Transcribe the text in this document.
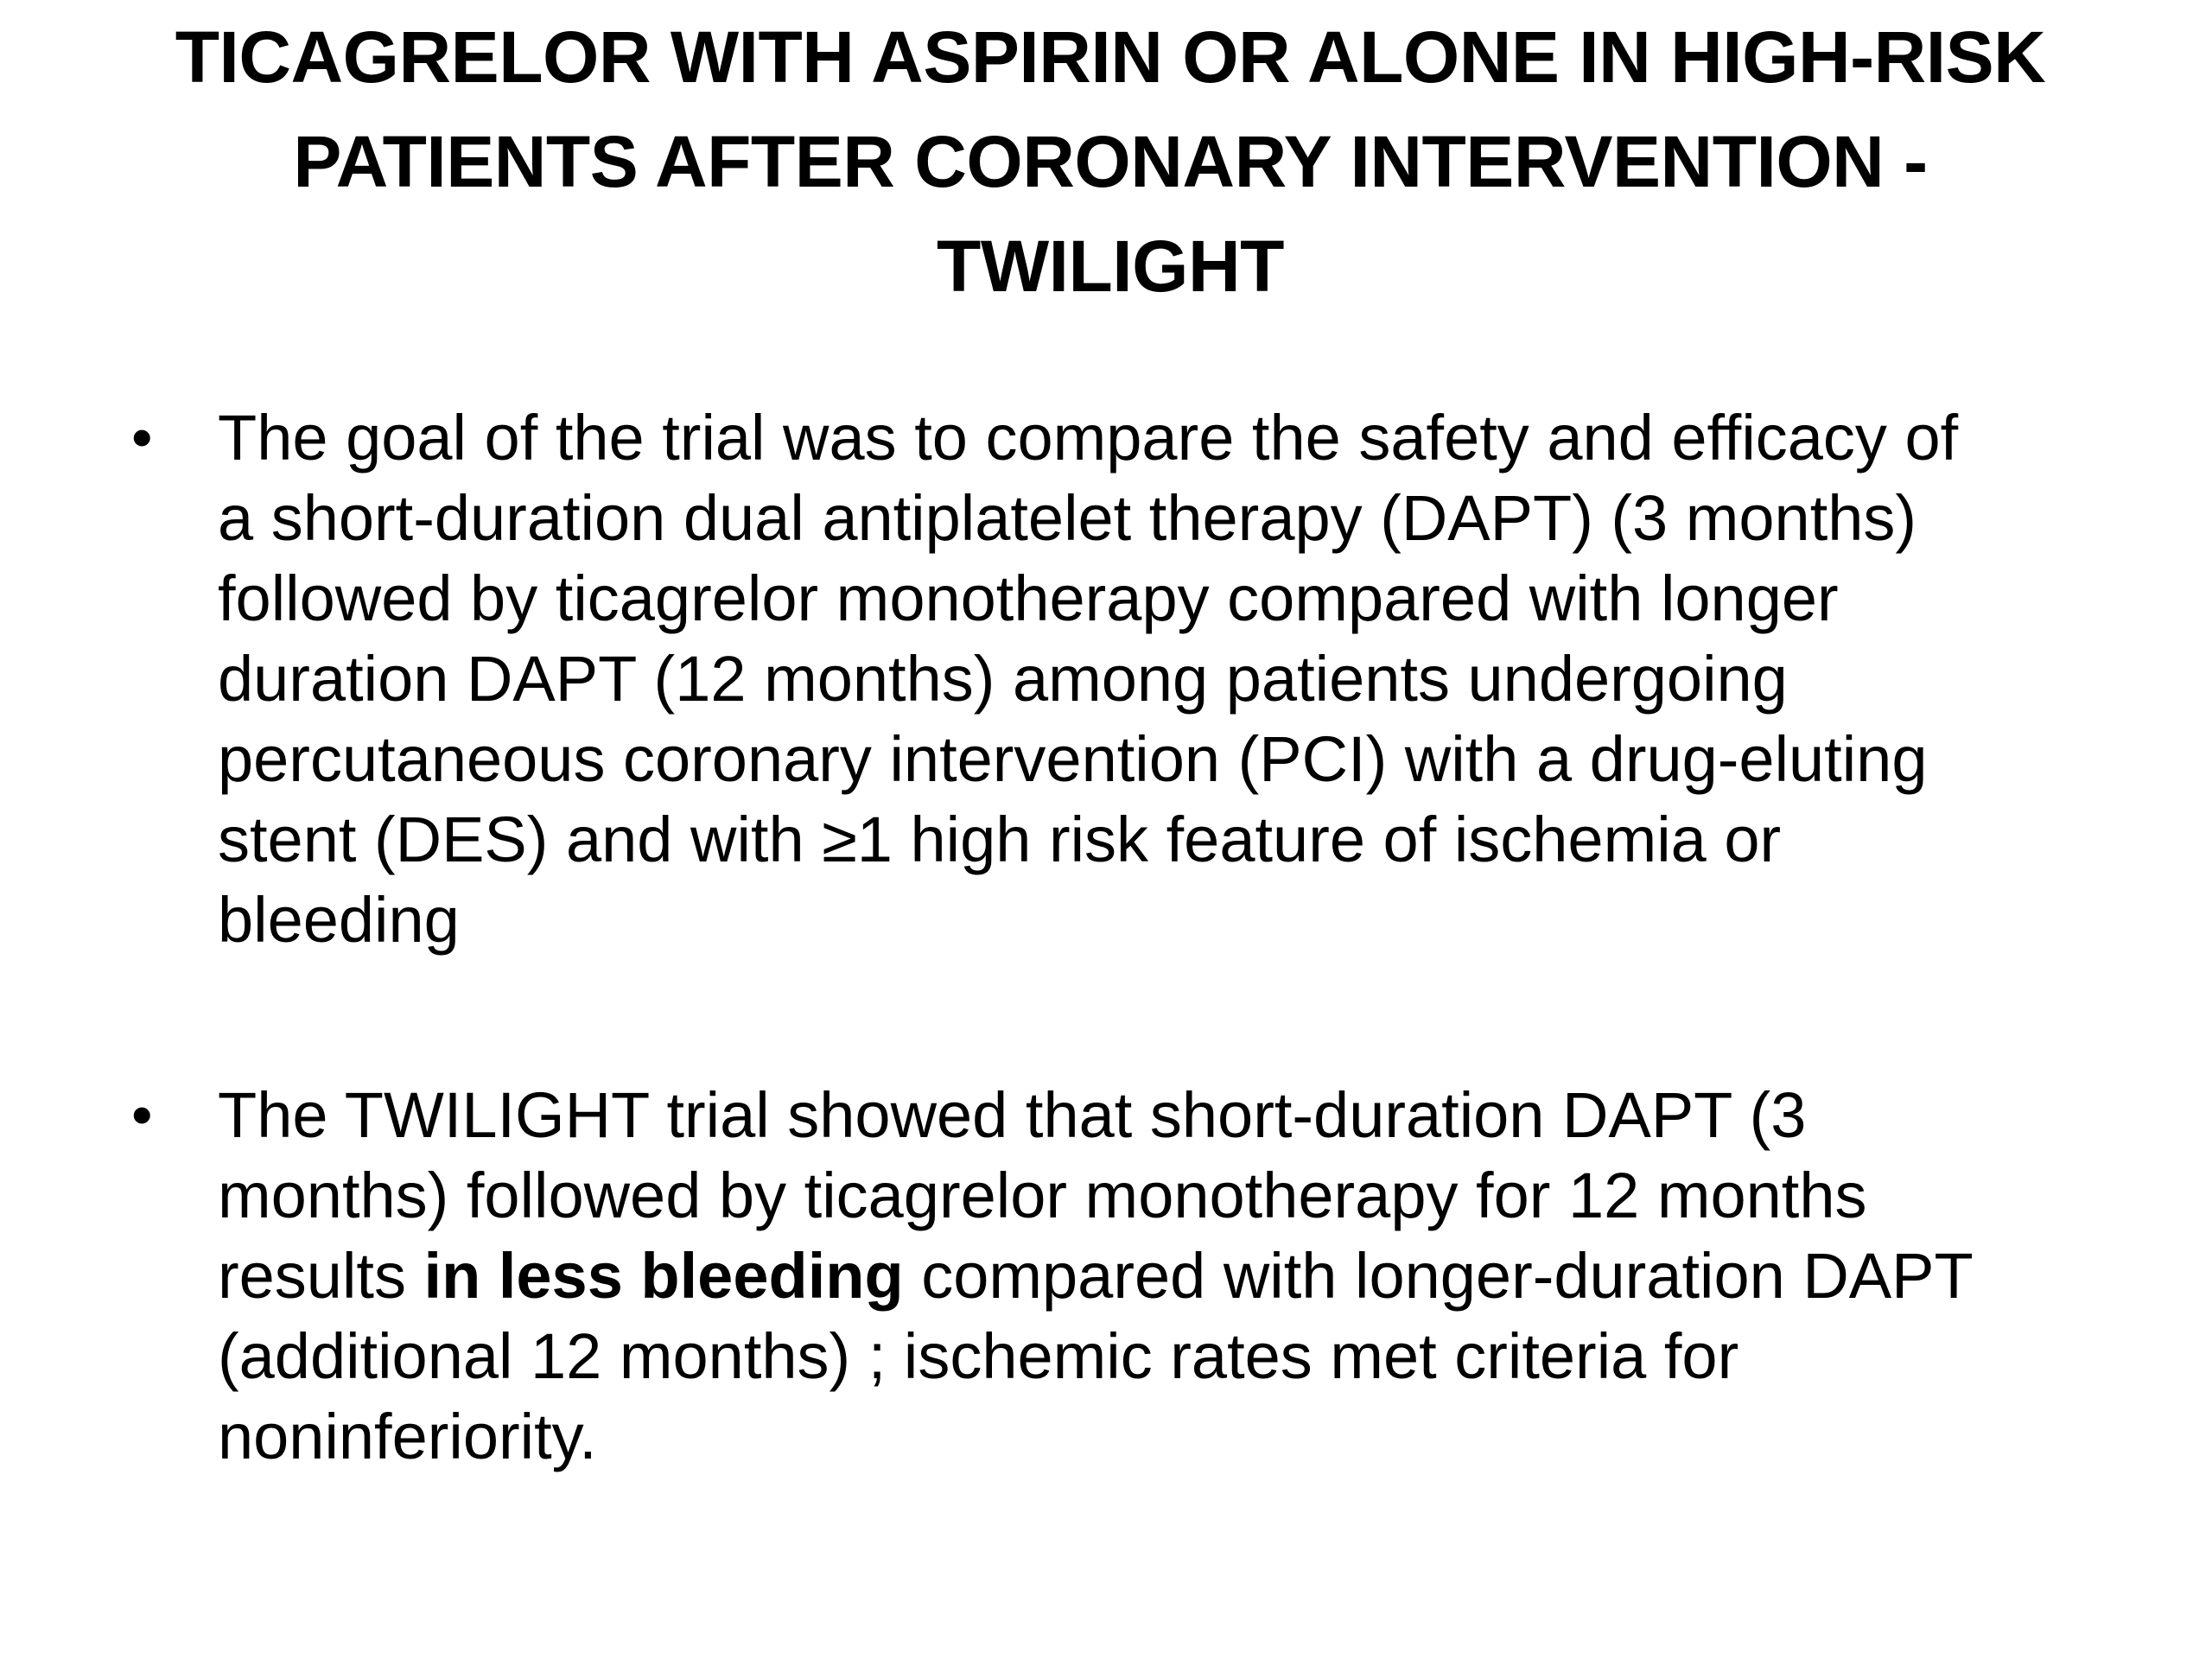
TICAGRELOR WITH ASPIRIN OR ALONE IN HIGH-RISK
PATIENTS AFTER CORONARY INTERVENTION -
TWILIGHT
• The goal of the trial was to compare the safety and efficacy of
a short-duration dual antiplatelet therapy (DAPT) (3 months)
followed by ticagrelor monotherapy compared with longer
duration DAPT (12 months) among patients undergoing
percutaneous coronary intervention (PCI) with a drug-eluting
stent (DES) and with ≥1 high risk feature of ischemia or
bleeding
• The TWILIGHT trial showed that short-duration DAPT (3
months) followed by ticagrelor monotherapy for 12 months
results in less bleeding compared with longer-duration DAPT
(additional 12 months) ; ischemic rates met criteria for
noninferiority.
